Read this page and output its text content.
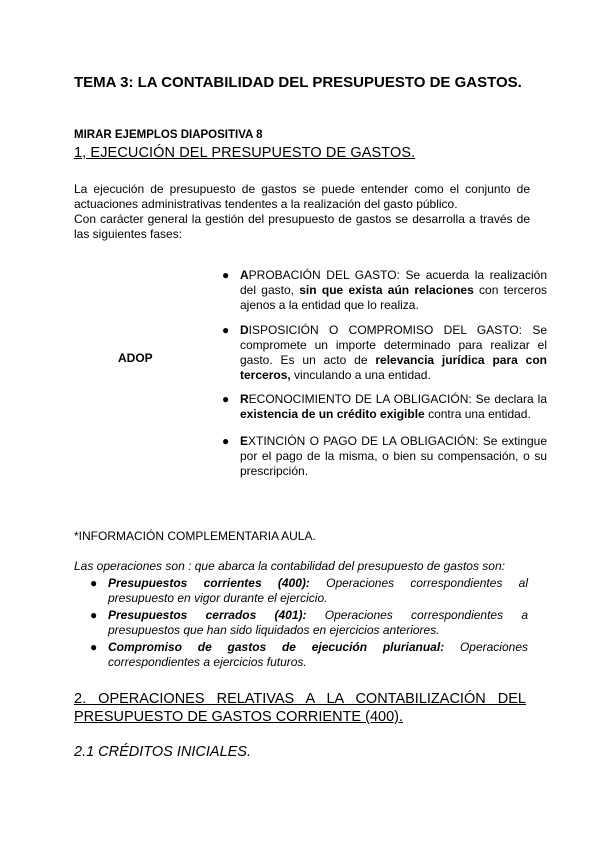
TEMA 3: LA CONTABILIDAD DEL PRESUPUESTO DE GASTOS.
MIRAR EJEMPLOS DIAPOSITIVA 8
1, EJECUCIÓN DEL PRESUPUESTO DE GASTOS.
La ejecución de presupuesto de gastos se puede entender como el conjunto de actuaciones administrativas tendentes a la realización del gasto público.
Con carácter general la gestión del presupuesto de gastos se desarrolla a través de las siguientes fases:
ADOP
● APROBACIÓN DEL GASTO: Se acuerda la realización del gasto, sin que exista aún relaciones con terceros ajenos a la entidad que lo realiza.
● DISPOSICIÓN O COMPROMISO DEL GASTO: Se compromete un importe determinado para realizar el gasto. Es un acto de relevancia jurídica para con terceros, vinculando a una entidad.
● RECONOCIMIENTO DE LA OBLIGACIÓN: Se declara la existencia de un crédito exigible contra una entidad.
● EXTINCIÓN O PAGO DE LA OBLIGACIÓN: Se extingue por el pago de la misma, o bien su compensación, o su prescripción.
*INFORMACIÓN COMPLEMENTARIA AULA.
Las operaciones son : que abarca la contabilidad del presupuesto de gastos son:
● Presupuestos corrientes (400): Operaciones correspondientes al presupuesto en vigor durante el ejercicio.
● Presupuestos cerrados (401): Operaciones correspondientes a presupuestos que han sido liquidados en ejercicios anteriores.
● Compromiso de gastos de ejecución plurianual: Operaciones correspondientes a ejercicios futuros.
2. OPERACIONES RELATIVAS A LA CONTABILIZACIÓN DEL PRESUPUESTO DE GASTOS CORRIENTE (400).
2.1 CRÉDITOS INICIALES.
